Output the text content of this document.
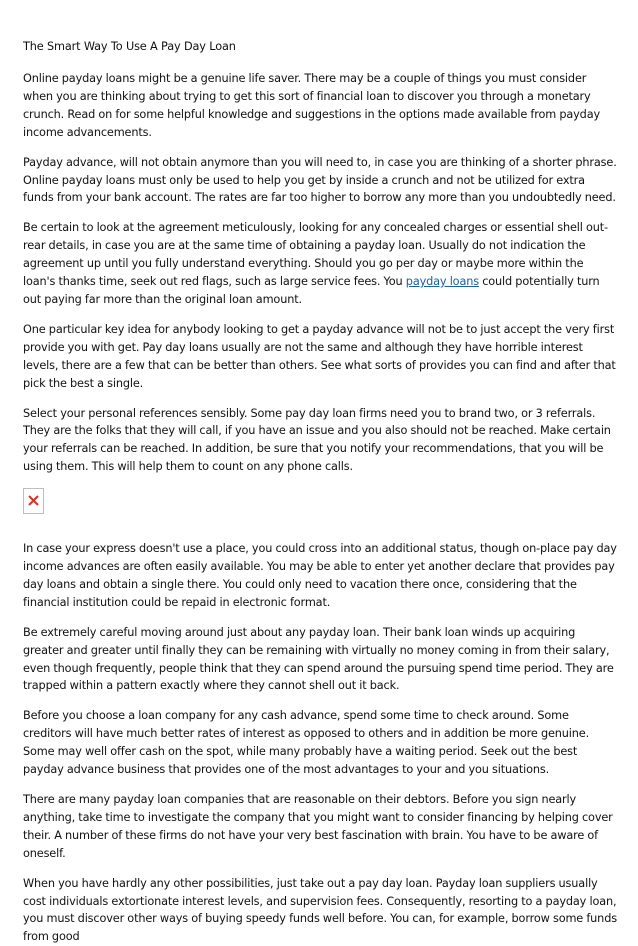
The Smart Way To Use A Pay Day Loan

Online payday loans might be a genuine life saver. There may be a couple of things you must consider when you are thinking about trying to get this sort of financial loan to discover you through a monetary crunch. Read on for some helpful knowledge and suggestions in the options made available from payday income advancements.

Payday advance, will not obtain anymore than you will need to, in case you are thinking of a shorter phrase. Online payday loans must only be used to help you get by inside a crunch and not be utilized for extra funds from your bank account. The rates are far too higher to borrow any more than you undoubtedly need.

Be certain to look at the agreement meticulously, looking for any concealed charges or essential shell out-rear details, in case you are at the same time of obtaining a payday loan. Usually do not indication the agreement up until you fully understand everything. Should you go per day or maybe more within the loan's thanks time, seek out red flags, such as large service fees. You payday loans could potentially turn out paying far more than the original loan amount.

One particular key idea for anybody looking to get a payday advance will not be to just accept the very first provide you with get. Pay day loans usually are not the same and although they have horrible interest levels, there are a few that can be better than others. See what sorts of provides you can find and after that pick the best a single.

Select your personal references sensibly. Some pay day loan firms need you to brand two, or 3 referrals. They are the folks that they will call, if you have an issue and you also should not be reached. Make certain your referrals can be reached. In addition, be sure that you notify your recommendations, that you will be using them. This will help them to count on any phone calls.

In case your express doesn't use a place, you could cross into an additional status, though on-place pay day income advances are often easily available. You may be able to enter yet another declare that provides pay day loans and obtain a single there. You could only need to vacation there once, considering that the financial institution could be repaid in electronic format.

Be extremely careful moving around just about any payday loan. Their bank loan winds up acquiring greater and greater until finally they can be remaining with virtually no money coming in from their salary, even though frequently, people think that they can spend around the pursuing spend time period. They are trapped within a pattern exactly where they cannot shell out it back.

Before you choose a loan company for any cash advance, spend some time to check around. Some creditors will have much better rates of interest as opposed to others and in addition be more genuine. Some may well offer cash on the spot, while many probably have a waiting period. Seek out the best payday advance business that provides one of the most advantages to your and you situations.

There are many payday loan companies that are reasonable on their debtors. Before you sign nearly anything, take time to investigate the company that you might want to consider financing by helping cover their. A number of these firms do not have your very best fascination with brain. You have to be aware of oneself.

When you have hardly any other possibilities, just take out a pay day loan. Payday loan suppliers usually cost individuals extortionate interest levels, and supervision fees. Consequently, resorting to a payday loan, you must discover other ways of buying speedy funds well before. You can, for example, borrow some funds from good
